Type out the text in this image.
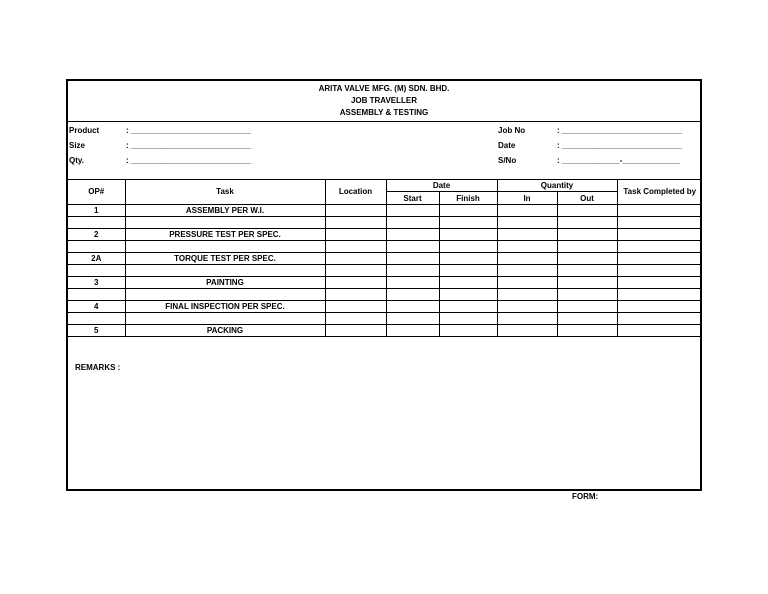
ARITA VALVE MFG. (M) SDN. BHD.
JOB TRAVELLER
ASSEMBLY & TESTING
Product	: ___________________________
Size	: ___________________________
Qty.	: ___________________________
Job No	: ___________________________
Date	: ___________________________
S/No	: _____________-_____________
OP#	Task	Location	Date		Quantity		Task Completed by
			Start	Finish	In	Out	
1	ASSEMBLY PER W.I.						

2	PRESSURE TEST PER SPEC.						

2A	TORQUE TEST PER SPEC.						

3	PAINTING						

4	FINAL INSPECTION PER SPEC.						

5	PACKING						
REMARKS :
FORM:
